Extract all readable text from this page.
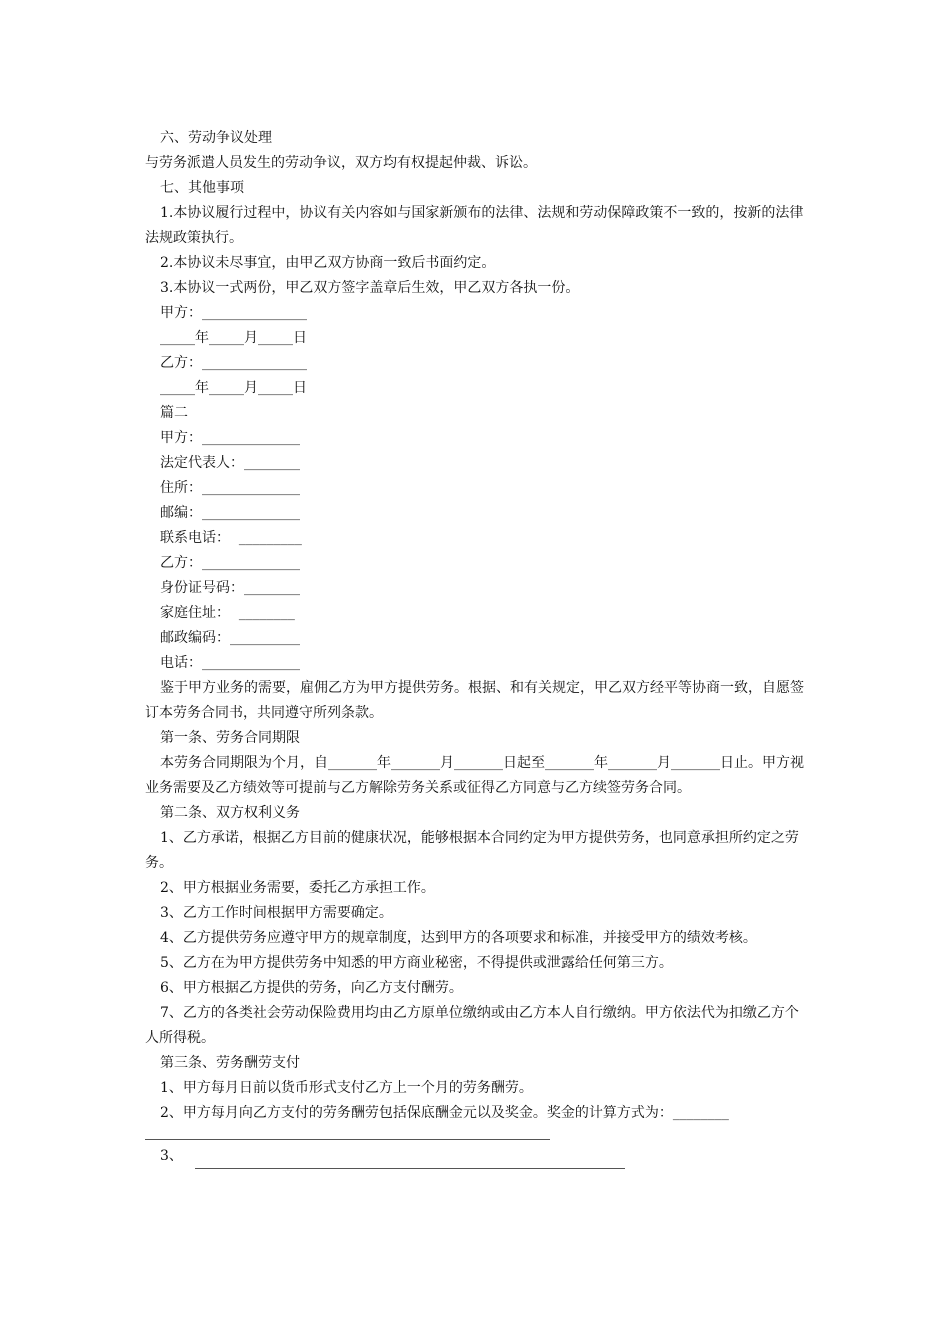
六、劳动争议处理

与劳务派遣人员发生的劳动争议，双方均有权提起仲裁、诉讼。

七、其他事项

1.本协议履行过程中，协议有关内容如与国家新颁布的法律、法规和劳动保障政策不一致的，按新的法律法规政策执行。

2.本协议未尽事宜，由甲乙双方协商一致后书面约定。

3.本协议一式两份，甲乙双方签字盖章后生效，甲乙双方各执一份。

甲方：_______________

_____年_____月_____日

乙方：_______________

_____年_____月_____日

篇二

甲方：______________

法定代表人：________

住所：______________

邮编：______________

联系电话：  _________

乙方：______________

身份证号码：________

家庭住址：  ________

邮政编码：__________

电话：______________

鉴于甲方业务的需要，雇佣乙方为甲方提供劳务。根据、和有关规定，甲乙双方经平等协商一致，自愿签订本劳务合同书，共同遵守所列条款。

第一条、劳务合同期限

本劳务合同期限为个月，自_______年_______月_______日起至_______年_______月_______日止。甲方视业务需要及乙方绩效等可提前与乙方解除劳务关系或征得乙方同意与乙方续签劳务合同。

第二条、双方权利义务

1、乙方承诺，根据乙方目前的健康状况，能够根据本合同约定为甲方提供劳务，也同意承担所约定之劳务。

2、甲方根据业务需要，委托乙方承担工作。

3、乙方工作时间根据甲方需要确定。

4、乙方提供劳务应遵守甲方的规章制度，达到甲方的各项要求和标准，并接受甲方的绩效考核。

5、乙方在为甲方提供劳务中知悉的甲方商业秘密，不得提供或泄露给任何第三方。

6、甲方根据乙方提供的劳务，向乙方支付酬劳。

7、乙方的各类社会劳动保险费用均由乙方原单位缴纳或由乙方本人自行缴纳。甲方依法代为扣缴乙方个人所得税。

第三条、劳务酬劳支付

1、甲方每月日前以货币形式支付乙方上一个月的劳务酬劳。

2、甲方每月向乙方支付的劳务酬劳包括保底酬金元以及奖金。奖金的计算方式为：________

3、
